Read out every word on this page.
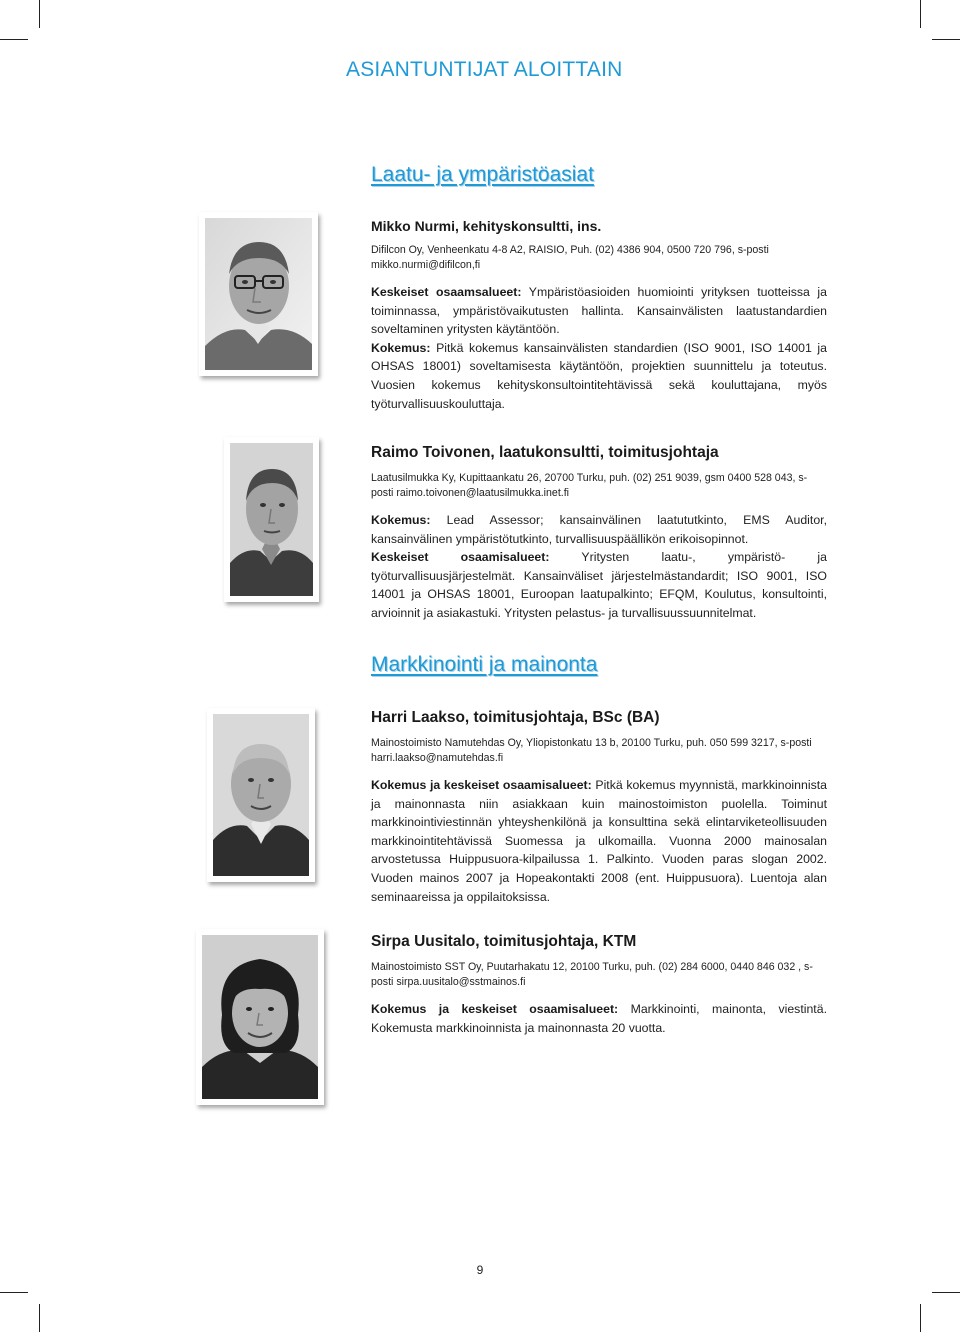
ASIANTUNTIJAT ALOITTAIN
Laatu- ja ympäristöasiat

Mikko Nurmi, kehityskonsultti, ins.

Difilcon Oy, Venheenkatu 4-8 A2, RAISIO, Puh. (02) 4386 904, 0500 720 796, s-posti mikko.nurmi@difilcon,fi

Keskeiset osaamsalueet: Ympäristöasioiden huomiointi yrityksen tuotteissa ja toiminnassa, ympäristövaikutusten hallinta. Kansainvälisten laatustandardien soveltaminen yritysten käytäntöön.

Kokemus: Pitkä kokemus kansainvälisten standardien (ISO 9001, ISO 14001 ja OHSAS 18001) soveltamisesta käytäntöön, projektien suunnittelu ja toteutus. Vuosien kokemus kehityskonsultointitehtävissä sekä kouluttajana, myös työturvallisuuskouluttaja.

Raimo Toivonen, laatukonsultti, toimitusjohtaja

Laatusilmukka Ky, Kupittaankatu 26, 20700 Turku, puh. (02) 251 9039, gsm 0400 528 043, s-posti raimo.toivonen@laatusilmukka.inet.fi

Kokemus: Lead Assessor; kansainvälinen laatututkinto, EMS Auditor, kansainvälinen ympäristötutkinto, turvallisuuspäällikön erikoisopinnot.

Keskeiset osaamisalueet: Yritysten laatu-, ympäristö- ja työturvallisuusjärjestelmät. Kansainväliset järjestelmästandardit; ISO 9001, ISO 14001 ja OHSAS 18001, Euroopan laatupalkinto; EFQM, Koulutus, konsultointi, arvioinnit ja asiakastuki. Yritysten pelastus- ja turvallisuussuunnitelmat.

Markkinointi ja mainonta

Harri Laakso, toimitusjohtaja, BSc (BA)

Mainostoimisto Namutehdas Oy, Yliopistonkatu 13 b, 20100 Turku, puh. 050 599 3217, s-posti harri.laakso@namutehdas.fi

Kokemus ja keskeiset osaamisalueet: Pitkä kokemus myynnistä, markkinoinnista ja mainonnasta niin asiakkaan kuin mainostoimiston puolella. Toiminut markkinointiviestinnän yhteyshenkilönä ja konsulttina sekä elintarviketeollisuuden markkinointitehtävissä Suomessa ja ulkomailla. Vuonna 2000 mainosalan arvostetussa Huippusuora-kilpailussa 1. Palkinto. Vuoden paras slogan 2002. Vuoden mainos 2007 ja Hopeakontakti 2008 (ent. Huippusuora). Luentoja alan seminaareissa ja oppilaitoksissa.

Sirpa Uusitalo, toimitusjohtaja, KTM

Mainostoimisto SST Oy, Puutarhakatu 12, 20100 Turku, puh. (02) 284 6000, 0440 846 032 , s-posti sirpa.uusitalo@sstmainos.fi

Kokemus ja keskeiset osaamisalueet: Markkinointi, mainonta, viestintä. Kokemusta markkinoinnista ja mainonnasta 20 vuotta.

9
